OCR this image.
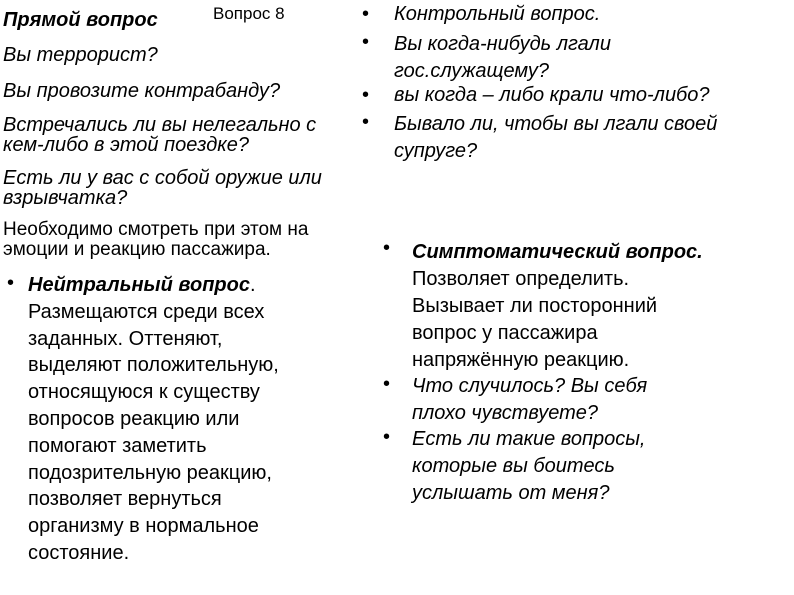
Вопрос 8
Прямой вопрос
Вы террорист?
Вы провозите контрабанду?
Встречались ли вы нелегально с
кем-либо в этой поездке?
Есть ли у вас с собой оружие или
взрывчатка?
Необходимо смотреть при этом на
эмоции и реакцию пассажира.
• Нейтральный вопрос.
Размещаются среди всех
заданных. Оттеняют,
выделяют положительную,
относящуюся к существу
вопросов реакцию или
помогают заметить
подозрительную реакцию,
позволяет вернуться
организму в нормальное
состояние.
• Контрольный вопрос.
• Вы когда-нибудь лгали
гос.служащему?
• вы когда – либо крали что-либо?
• Бывало ли, чтобы вы лгали своей
супруге?
• Симптоматический вопрос.
Позволяет определить.
Вызывает ли посторонний
вопрос у пассажира
напряжённую реакцию.
• Что случилось? Вы себя
плохо чувствуете?
• Есть ли такие вопросы,
которые вы боитесь
услышать от меня?
